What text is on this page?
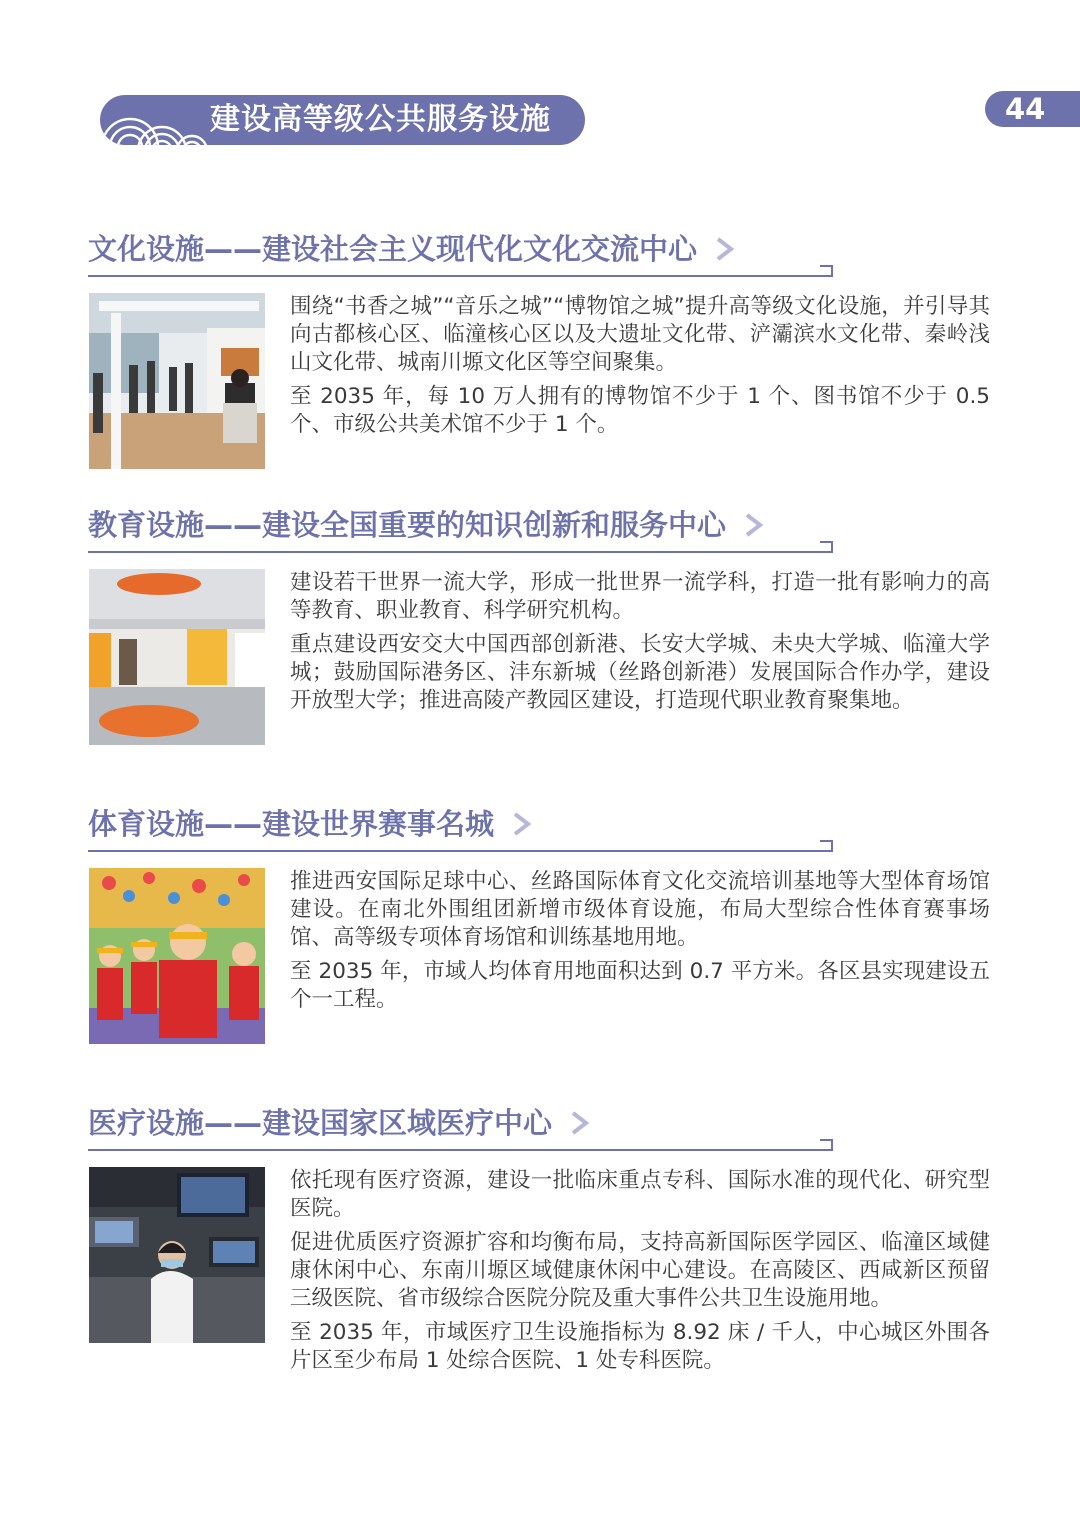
建设高等级公共服务设施	44
文化设施——建设社会主义现代化文化交流中心

围绕“书香之城”“音乐之城”“博物馆之城”提升高等级文化设施，并引导其向古都核心区、临潼核心区以及大遗址文化带、浐灞滨水文化带、秦岭浅山文化带、城南川塬文化区等空间聚集。

至 2035 年，每 10 万人拥有的博物馆不少于 1 个、图书馆不少于 0.5 个、市级公共美术馆不少于 1 个。

教育设施——建设全国重要的知识创新和服务中心

建设若干世界一流大学，形成一批世界一流学科，打造一批有影响力的高等教育、职业教育、科学研究机构。

重点建设西安交大中国西部创新港、长安大学城、未央大学城、临潼大学城；鼓励国际港务区、沣东新城（丝路创新港）发展国际合作办学，建设开放型大学；推进高陵产教园区建设，打造现代职业教育聚集地。

体育设施——建设世界赛事名城

推进西安国际足球中心、丝路国际体育文化交流培训基地等大型体育场馆建设。在南北外围组团新增市级体育设施，布局大型综合性体育赛事场馆、高等级专项体育场馆和训练基地用地。

至 2035 年，市域人均体育用地面积达到 0.7 平方米。各区县实现建设五个一工程。

医疗设施——建设国家区域医疗中心

依托现有医疗资源，建设一批临床重点专科、国际水准的现代化、研究型医院。

促进优质医疗资源扩容和均衡布局，支持高新国际医学园区、临潼区域健康休闲中心、东南川塬区域健康休闲中心建设。在高陵区、西咸新区预留三级医院、省市级综合医院分院及重大事件公共卫生设施用地。

至 2035 年，市域医疗卫生设施指标为 8.92 床 / 千人，中心城区外围各片区至少布局 1 处综合医院、1 处专科医院。
